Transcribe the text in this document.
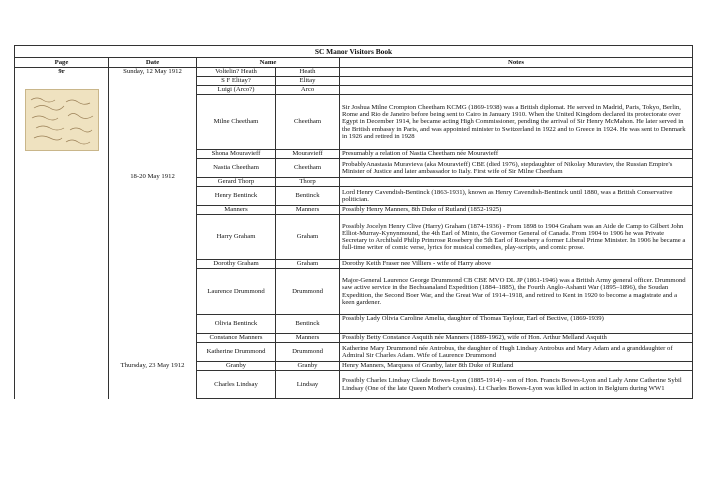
SC Manor Visitors Book				
Page	Date	Name		Notes

9r	Sunday, 12 May 1912	Voltelin? Heath	Heath	
		S F Elitay?	Elitay	
		Luigi (Arco?)	Arco	
		Milne Cheetham	Cheetham	Sir Joshua Milne Crompton Cheetham KCMG (1869-1938) was a British diplomat. He served in Madrid, Paris, Tokyo, Berlin, Rome and Rio de Janeiro before being sent to Cairo in January 1910. When the United Kingdom declared its protectorate over Egypt in December 1914, he became acting High Commissioner, pending the arrival of Sir Henry McMahon. He later served in the British embassy in Paris, and was appointed minister to Switzerland in 1922 and to Greece in 1924. He was sent to Denmark in 1926 and retired in 1928
		Shona Mouravieff	Mouravieff	Presumably a relation of Nastia Cheetham née Mouravieff
		Nastia Cheetham	Cheetham	ProbablyAnastasia Muravieva (aka Mouravieff) CBE (died 1976), stepdaughter of Nikolay Muraviev, the Russian Empire's Minister of Justice and later ambassador to Italy. First wife of Sir Milne Cheetham

	18-20 May 1912	Gerard Thorp	Thorp	
		Henry Bentinck	Bentinck	Lord Henry Cavendish-Bentinck (1863-1931), known as Henry Cavendish-Bentinck until 1880, was a British Conservative politician.
		Manners	Manners	Possibly Henry Manners, 8th Duke of Rutland (1852-1925)
		Harry Graham	Graham	Possibly Jocelyn Henry Clive (Harry) Graham (1874-1936) - From 1898 to 1904 Graham was an Aide de Camp to Gilbert John Elliot-Murray-Kynynmound, the 4th Earl of Minto, the Governor General of Canada. From 1904 to 1906 he was Private Secretary to Archibald Philip Primrose Rosebery the 5th Earl of Rosebery a former Liberal Prime Minister. In 1906 he became a full-time writer of comic verse, lyrics for musical comedies, play-scripts, and comic prose.
		Dorothy Graham	Graham	Dorothy Keith Fraser nee Villiers - wife of Harry above
		Laurence Drummond	Drummond	Major-General Laurence George Drummond CB CBE MVO DL JP (1861-1946) was a British Army general officer. Drummond saw active service in the Bechuanaland Expedition (1884–1885), the Fourth Anglo-Ashanti War (1895–1896), the Soudan Expedition, the Second Boer War, and the Great War of 1914–1918, and retired to Kent in 1920 to become a magistrate and a keen gardener.
		Olivia Bentinck	Bentinck	Possibly Lady Olivia Caroline Amelia, daughter of Thomas Taylour, Earl of Bective, (1869-1939)
		Constance Manners	Manners	Possibly Betty Constance Asquith née Manners (1889-1962), wife of Hon. Arthur Melland Asquith
		Katherine Drummond	Drummond	Katherine Mary Drummond née Antrobus, the daughter of Hugh Lindsay Antrobus and Mary Adam and a granddaughter of Admiral Sir Charles Adam. Wife of Laurence Drummond
	Thursday, 23 May 1912	Granby	Granby	Henry Manners, Marquess of Granby, later 8th Duke of Rutland
		Charles Lindsay	Lindsay	Possibly Charles Lindsay Claude Bowes-Lyon (1885-1914) - son of Hon. Francis Bowes-Lyon and Lady Anne Catherine Sybil Lindsay (One of the late Queen Mother's cousins). Lt Charles Bowes-Lyon was killed in action in Belgium during WW1
